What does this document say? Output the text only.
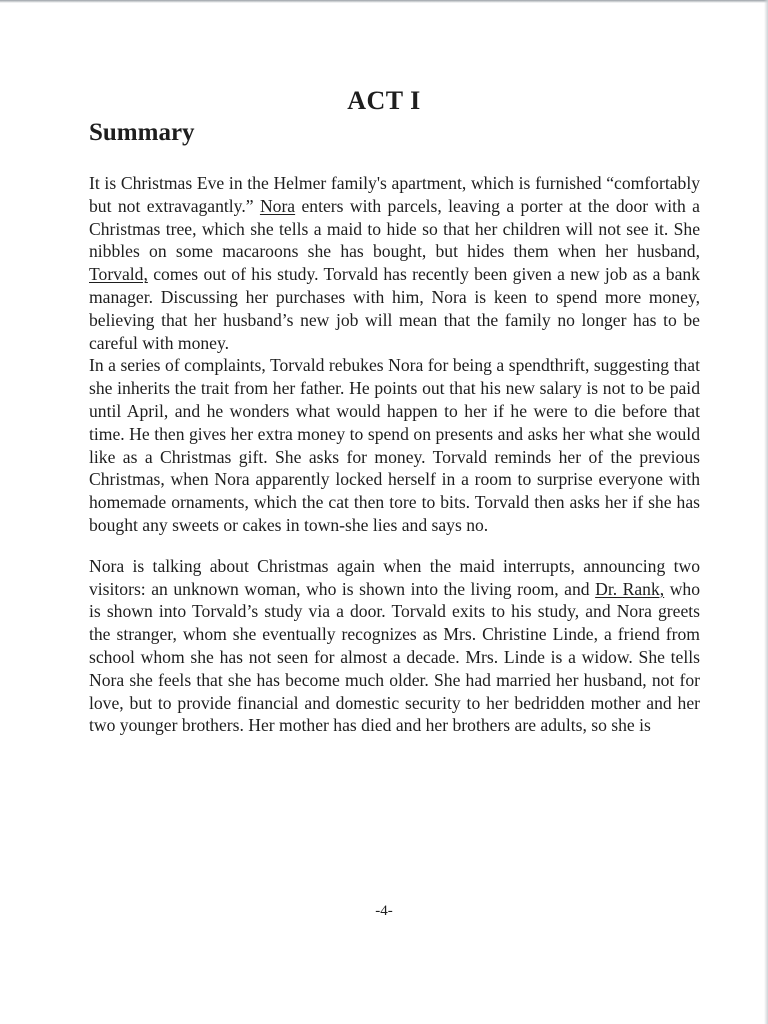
ACT I
Summary

It is Christmas Eve in the Helmer family's apartment, which is furnished “comfortably but not extravagantly.” Nora enters with parcels, leaving a porter at the door with a Christmas tree, which she tells a maid to hide so that her children will not see it. She nibbles on some macaroons she has bought, but hides them when her husband, Torvald, comes out of his study. Torvald has recently been given a new job as a bank manager. Discussing her purchases with him, Nora is keen to spend more money, believing that her husband’s new job will mean that the family no longer has to be careful with money.

In a series of complaints, Torvald rebukes Nora for being a spendthrift, suggesting that she inherits the trait from her father. He points out that his new salary is not to be paid until April, and he wonders what would happen to her if he were to die before that time. He then gives her extra money to spend on presents and asks her what she would like as a Christmas gift. She asks for money. Torvald reminds her of the previous Christmas, when Nora apparently locked herself in a room to surprise everyone with homemade ornaments, which the cat then tore to bits. Torvald then asks her if she has bought any sweets or cakes in town-she lies and says no.

Nora is talking about Christmas again when the maid interrupts, announcing two visitors: an unknown woman, who is shown into the living room, and Dr. Rank, who is shown into Torvald’s study via a door. Torvald exits to his study, and Nora greets the stranger, whom she eventually recognizes as Mrs. Christine Linde, a friend from school whom she has not seen for almost a decade. Mrs. Linde is a widow. She tells Nora she feels that she has become much older. She had married her husband, not for love, but to provide financial and domestic security to her bedridden mother and her two younger brothers. Her mother has died and her brothers are adults, so she is

-4-
